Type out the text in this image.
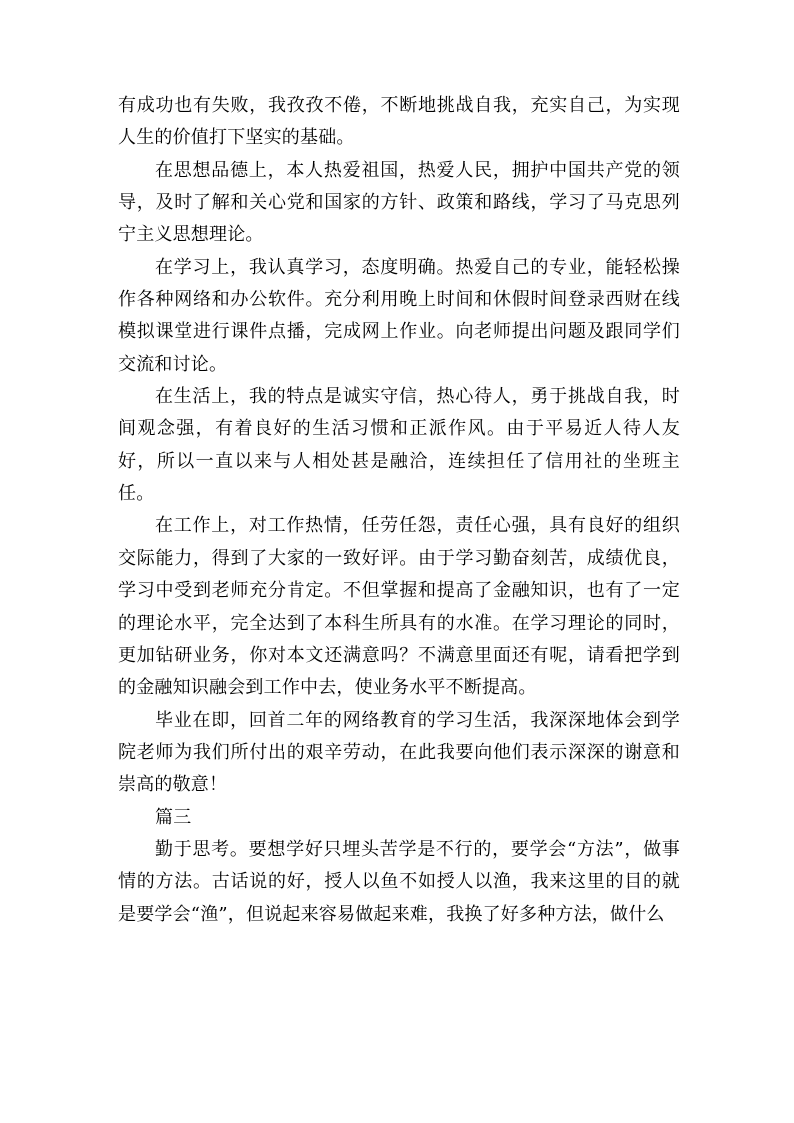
有成功也有失败，我孜孜不倦，不断地挑战自我，充实自己，为实现人生的价值打下坚实的基础。

在思想品德上，本人热爱祖国，热爱人民，拥护中国共产党的领导，及时了解和关心党和国家的方针、政策和路线，学习了马克思列宁主义思想理论。

在学习上，我认真学习，态度明确。热爱自己的专业，能轻松操作各种网络和办公软件。充分利用晚上时间和休假时间登录西财在线模拟课堂进行课件点播，完成网上作业。向老师提出问题及跟同学们交流和讨论。

在生活上，我的特点是诚实守信，热心待人，勇于挑战自我，时间观念强，有着良好的生活习惯和正派作风。由于平易近人待人友好，所以一直以来与人相处甚是融洽，连续担任了信用社的坐班主任。

在工作上，对工作热情，任劳任怨，责任心强，具有良好的组织交际能力，得到了大家的一致好评。由于学习勤奋刻苦，成绩优良，学习中受到老师充分肯定。不但掌握和提高了金融知识，也有了一定的理论水平，完全达到了本科生所具有的水准。在学习理论的同时，更加钻研业务，你对本文还满意吗？不满意里面还有呢，请看把学到的金融知识融会到工作中去，使业务水平不断提高。

毕业在即，回首二年的网络教育的学习生活，我深深地体会到学院老师为我们所付出的艰辛劳动，在此我要向他们表示深深的谢意和崇高的敬意！

篇三

勤于思考。要想学好只埋头苦学是不行的，要学会“方法”，做事情的方法。古话说的好，授人以鱼不如授人以渔，我来这里的目的就是要学会“渔”，但说起来容易做起来难，我换了好多种方法，做什么
